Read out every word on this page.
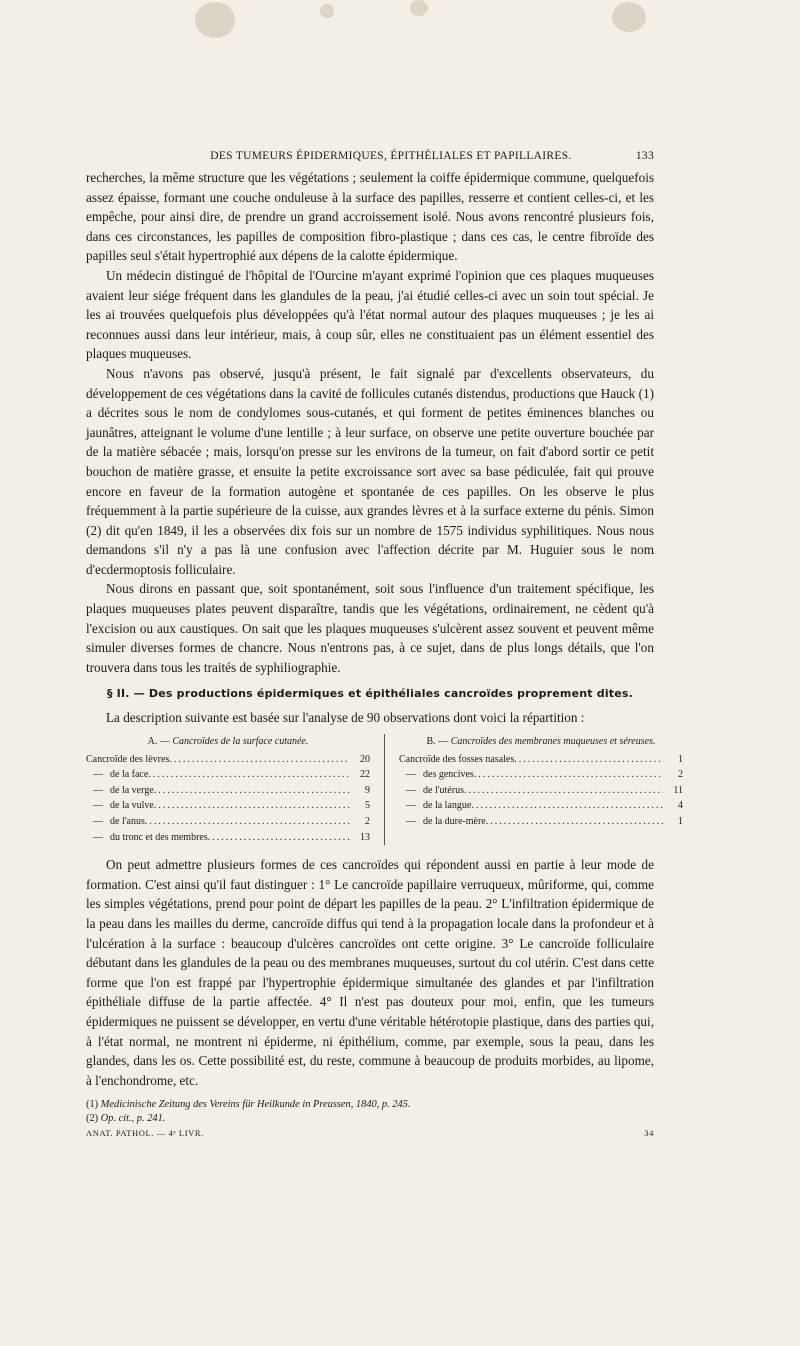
DES TUMEURS ÉPIDERMIQUES, ÉPITHÉLIALES ET PAPILLAIRES.	133

recherches, la même structure que les végétations ; seulement la coiffe épidermique commune, quelquefois assez épaisse, formant une couche onduleuse à la surface des papilles, resserre et contient celles-ci, et les empêche, pour ainsi dire, de prendre un grand accroissement isolé. Nous avons rencontré plusieurs fois, dans ces circonstances, les papilles de composition fibro-plastique ; dans ces cas, le centre fibroïde des papilles seul s'était hypertrophié aux dépens de la calotte épidermique.

Un médecin distingué de l'hôpital de l'Ourcine m'ayant exprimé l'opinion que ces plaques muqueuses avaient leur siége fréquent dans les glandules de la peau, j'ai étudié celles-ci avec un soin tout spécial. Je les ai trouvées quelquefois plus développées qu'à l'état normal autour des plaques muqueuses ; je les ai reconnues aussi dans leur intérieur, mais, à coup sûr, elles ne constituaient pas un élément essentiel des plaques muqueuses.

Nous n'avons pas observé, jusqu'à présent, le fait signalé par d'excellents observateurs, du développement de ces végétations dans la cavité de follicules cutanés distendus, productions que Hauck (1) a décrites sous le nom de condylomes sous-cutanés, et qui forment de petites éminences blanches ou jaunâtres, atteignant le volume d'une lentille ; à leur surface, on observe une petite ouverture bouchée par de la matière sébacée ; mais, lorsqu'on presse sur les environs de la tumeur, on fait d'abord sortir ce petit bouchon de matière grasse, et ensuite la petite excroissance sort avec sa base pédiculée, fait qui prouve encore en faveur de la formation autogène et spontanée de ces papilles. On les observe le plus fréquemment à la partie supérieure de la cuisse, aux grandes lèvres et à la surface externe du pénis. Simon (2) dit qu'en 1849, il les a observées dix fois sur un nombre de 1575 individus syphilitiques. Nous nous demandons s'il n'y a pas là une confusion avec l'affection décrite par M. Huguier sous le nom d'ecdermoptosis folliculaire.

Nous dirons en passant que, soit spontanément, soit sous l'influence d'un traitement spécifique, les plaques muqueuses plates peuvent disparaître, tandis que les végétations, ordinairement, ne cèdent qu'à l'excision ou aux caustiques. On sait que les plaques muqueuses s'ulcèrent assez souvent et peuvent même simuler diverses formes de chancre. Nous n'entrons pas, à ce sujet, dans de plus longs détails, que l'on trouvera dans tous les traités de syphiliographie.

§ II. — Des productions épidermiques et épithéliales cancroïdes proprement dites.

La description suivante est basée sur l'analyse de 90 observations dont voici la répartition :

A. — Cancroïdes de la surface cutanée.
Cancroïde des lèvres .....	20
— de la face .....	22
— de la verge .....	9
— de la vulve .....	5
— de l'anus .....	2
— du tronc et des membres .....	13
B. — Cancroïdes des membranes muqueuses et séreuses.
Cancroïde des fosses nasales .....	1
— des gencives .....	2
— de l'utérus .....	11
— de la langue .....	4
— de la dure-mère .....	1

On peut admettre plusieurs formes de ces cancroïdes qui répondent aussi en partie à leur mode de formation. C'est ainsi qu'il faut distinguer : 1° Le cancroïde papillaire verruqueux, mûriforme, qui, comme les simples végétations, prend pour point de départ les papilles de la peau. 2° L'infiltration épidermique de la peau dans les mailles du derme, cancroïde diffus qui tend à la propagation locale dans la profondeur et à l'ulcération à la surface : beaucoup d'ulcères cancroïdes ont cette origine. 3° Le cancroïde folliculaire débutant dans les glandules de la peau ou des membranes muqueuses, surtout du col utérin. C'est dans cette forme que l'on est frappé par l'hypertrophie épidermique simultanée des glandes et par l'infiltration épithéliale diffuse de la partie affectée. 4° Il n'est pas douteux pour moi, enfin, que les tumeurs épidermiques ne puissent se développer, en vertu d'une véritable hétérotopie plastique, dans des parties qui, à l'état normal, ne montrent ni épiderme, ni épithélium, comme, par exemple, sous la peau, dans les glandes, dans les os. Cette possibilité est, du reste, commune à beaucoup de produits morbides, au lipome, à l'enchondrome, etc.

(1) Medicinische Zeitung des Vereins für Heilkunde in Preussen, 1840, p. 245.
(2) Op. cit., p. 241.
ANAT. PATHOL. — 4ᵉ LIVR.	34
